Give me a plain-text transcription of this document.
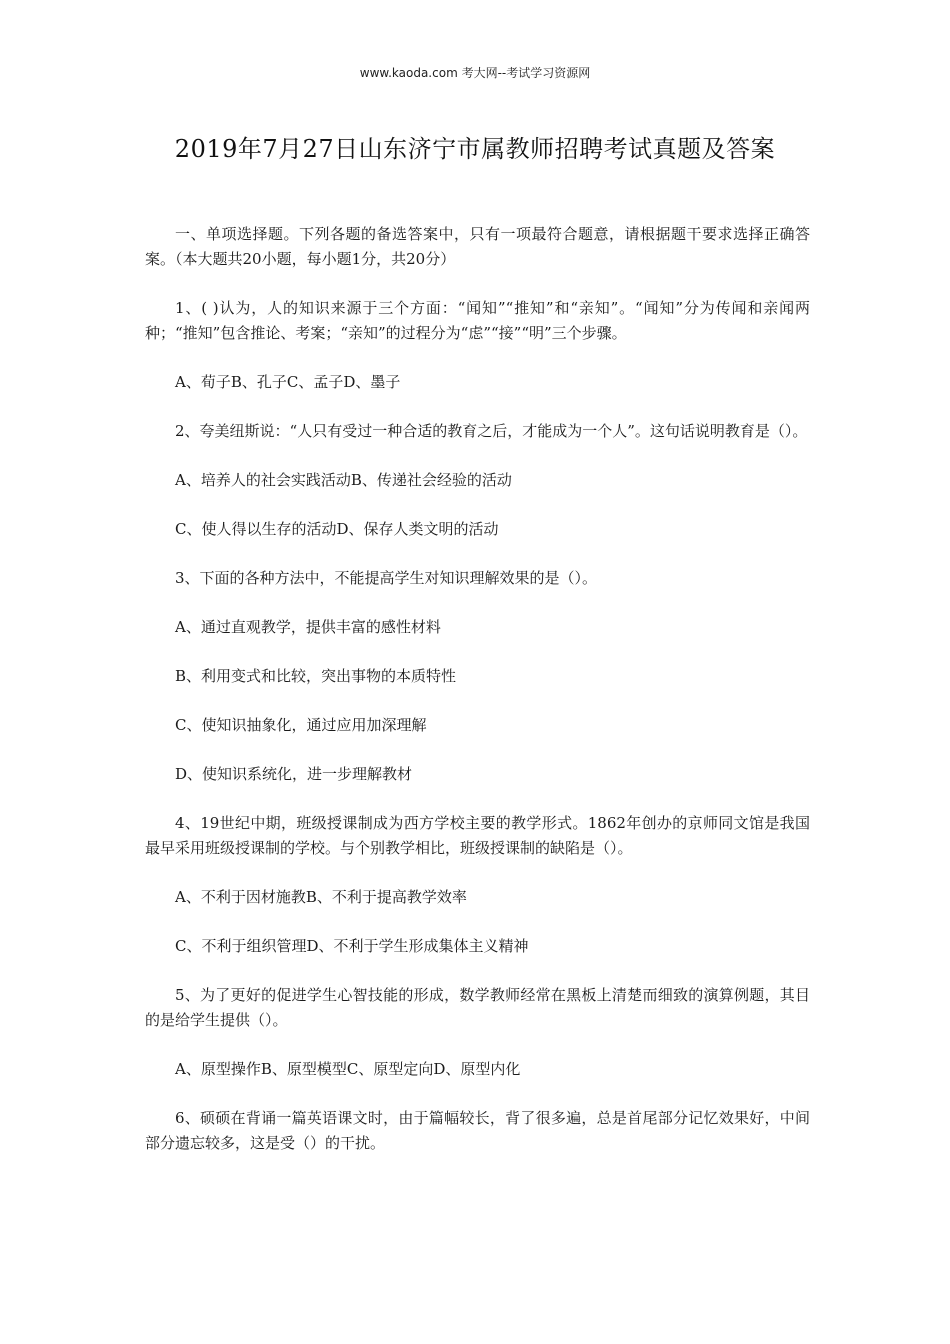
www.kaoda.com 考大网--考试学习资源网
2019年7月27日山东济宁市属教师招聘考试真题及答案

一、单项选择题。下列各题的备选答案中，只有一项最符合题意，请根据题干要求选择正确答案。（本大题共20小题，每小题1分，共20分）

1、( )认为，人的知识来源于三个方面：“闻知”“推知”和“亲知”。“闻知”分为传闻和亲闻两种；“推知”包含推论、考案；“亲知”的过程分为“虑”“接”“明”三个步骤。

A、荀子B、孔子C、孟子D、墨子

2、夸美纽斯说：“人只有受过一种合适的教育之后，才能成为一个人”。这句话说明教育是（）。

A、培养人的社会实践活动B、传递社会经验的活动

C、使人得以生存的活动D、保存人类文明的活动

3、下面的各种方法中，不能提高学生对知识理解效果的是（）。

A、通过直观教学，提供丰富的感性材料

B、利用变式和比较，突出事物的本质特性

C、使知识抽象化，通过应用加深理解

D、使知识系统化，进一步理解教材

4、19世纪中期，班级授课制成为西方学校主要的教学形式。1862年创办的京师同文馆是我国最早采用班级授课制的学校。与个别教学相比，班级授课制的缺陷是（）。

A、不利于因材施教B、不利于提高教学效率

C、不利于组织管理D、不利于学生形成集体主义精神

5、为了更好的促进学生心智技能的形成，数学教师经常在黑板上清楚而细致的演算例题，其目的是给学生提供（）。

A、原型操作B、原型模型C、原型定向D、原型内化

6、硕硕在背诵一篇英语课文时，由于篇幅较长，背了很多遍，总是首尾部分记忆效果好，中间部分遗忘较多，这是受（）的干扰。
